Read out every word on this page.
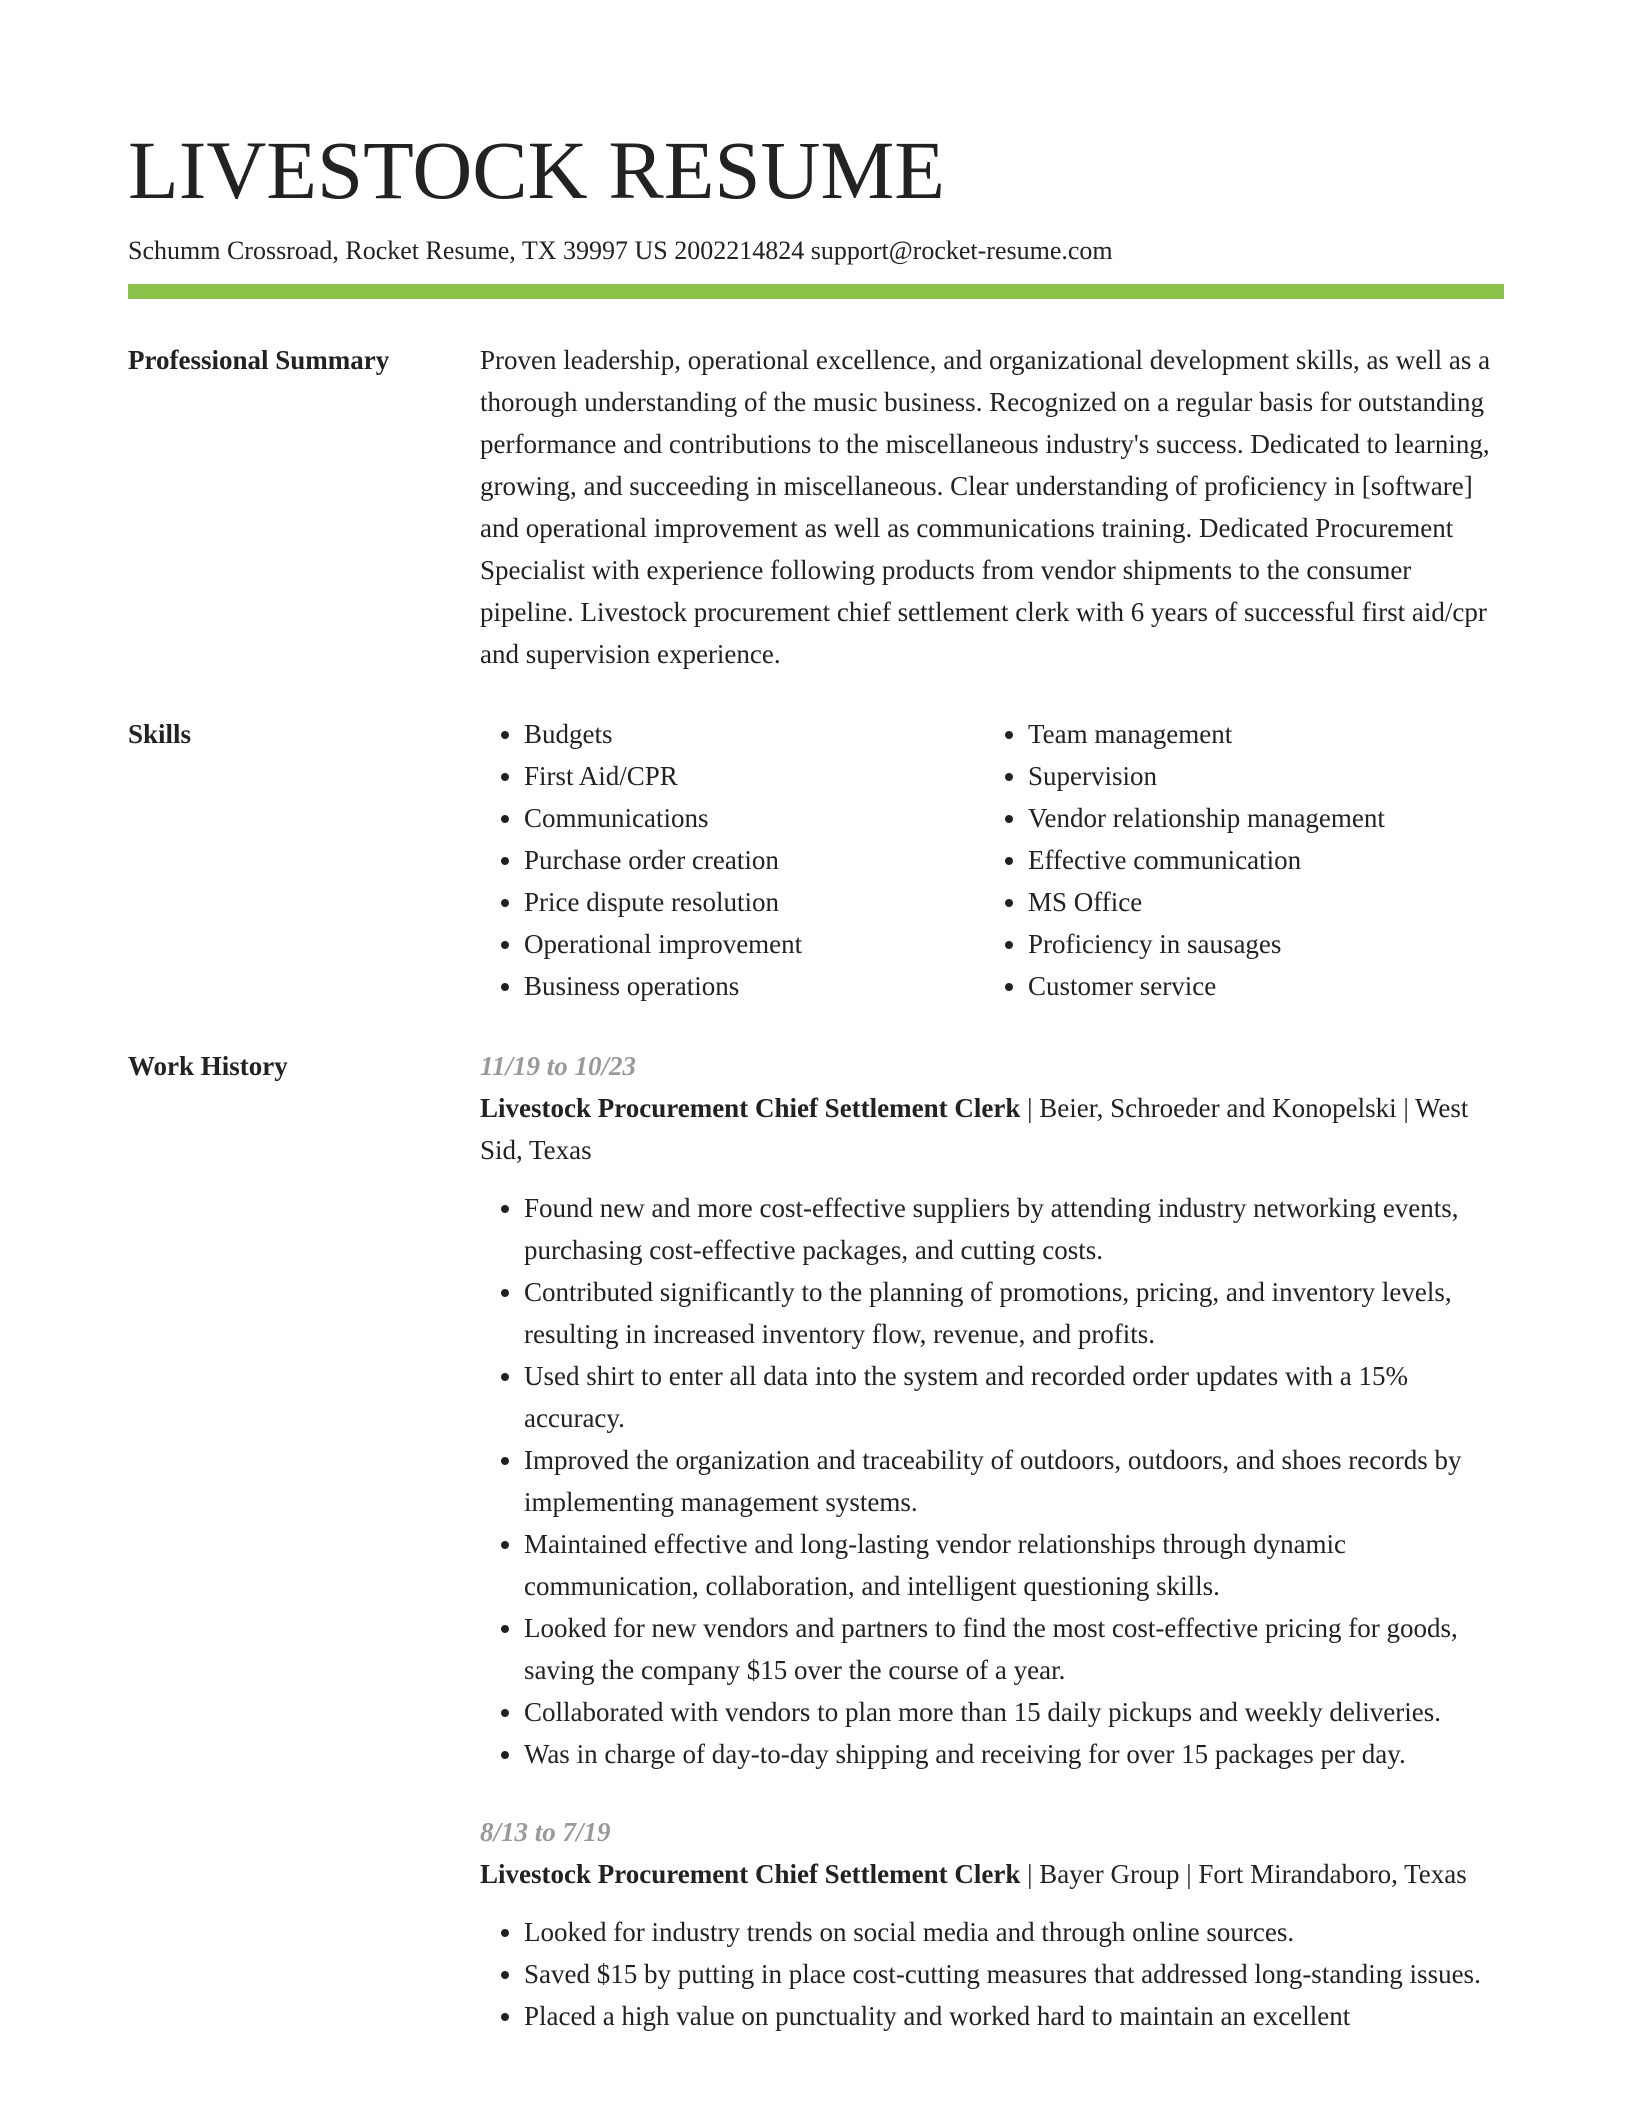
LIVESTOCK RESUME
Schumm Crossroad, Rocket Resume, TX 39997 US 2002214824 support@rocket-resume.com
Professional Summary	Proven leadership, operational excellence, and organizational development skills, as well as a thorough understanding of the music business. Recognized on a regular basis for outstanding performance and contributions to the miscellaneous industry's success. Dedicated to learning, growing, and succeeding in miscellaneous. Clear understanding of proficiency in [software] and operational improvement as well as communications training. Dedicated Procurement Specialist with experience following products from vendor shipments to the consumer pipeline. Livestock procurement chief settlement clerk with 6 years of successful first aid/cpr and supervision experience.

Skills
•	Budgets
• First Aid/CPR
• Communications
• Purchase order creation
• Price dispute resolution
• Operational improvement
• Business operations
• Team management
• Supervision
• Vendor relationship management
• Effective communication
• MS Office
• Proficiency in sausages
• Customer service
Work History	11/19 to 10/23
Livestock Procurement Chief Settlement Clerk | Beier, Schroeder and Konopelski | West Sid, Texas
• Found new and more cost-effective suppliers by attending industry networking events, purchasing cost-effective packages, and cutting costs.
• Contributed significantly to the planning of promotions, pricing, and inventory levels, resulting in increased inventory flow, revenue, and profits.
• Used shirt to enter all data into the system and recorded order updates with a 15% accuracy.
• Improved the organization and traceability of outdoors, outdoors, and shoes records by implementing management systems.
• Maintained effective and long-lasting vendor relationships through dynamic communication, collaboration, and intelligent questioning skills.
• Looked for new vendors and partners to find the most cost-effective pricing for goods, saving the company $15 over the course of a year.
• Collaborated with vendors to plan more than 15 daily pickups and weekly deliveries.
• Was in charge of day-to-day shipping and receiving for over 15 packages per day.
8/13 to 7/19
Livestock Procurement Chief Settlement Clerk | Bayer Group | Fort Mirandaboro, Texas
• Looked for industry trends on social media and through online sources.
• Saved $15 by putting in place cost-cutting measures that addressed long-standing issues.
• Placed a high value on punctuality and worked hard to maintain an excellent
